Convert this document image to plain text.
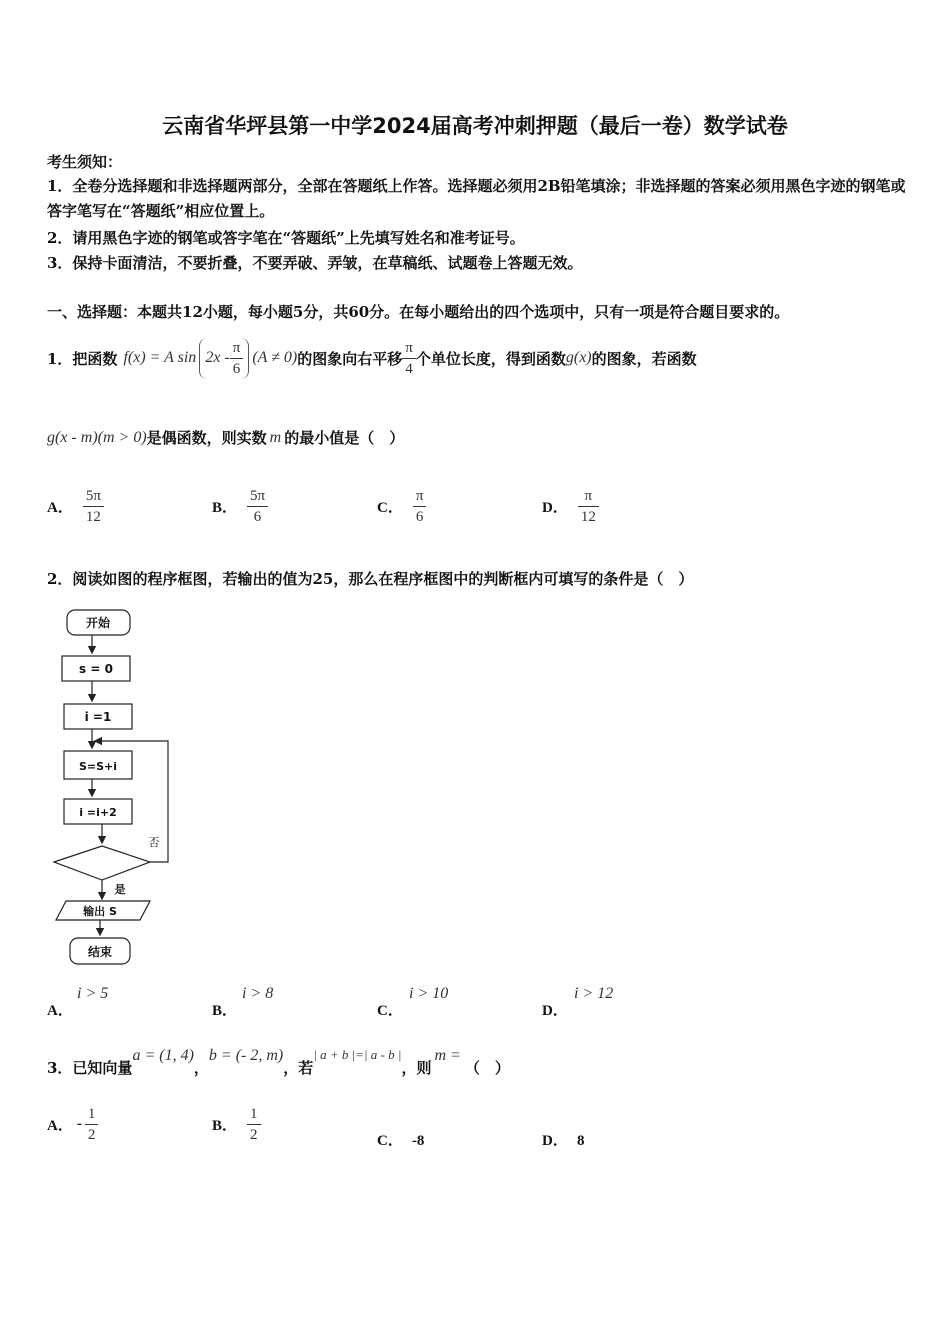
云南省华坪县第一中学2024届高考冲刺押题（最后一卷）数学试卷
考生须知：
1．全卷分选择题和非选择题两部分，全部在答题纸上作答。选择题必须用2B铅笔填涂；非选择题的答案必须用黑色字迹的钢笔或答字笔写在“答题纸”相应位置上。
2．请用黑色字迹的钢笔或答字笔在“答题纸”上先填写姓名和准考证号。
3．保持卡面清洁，不要折叠，不要弄破、弄皱，在草稿纸、试题卷上答题无效。
一、选择题：本题共12小题，每小题5分，共60分。在每小题给出的四个选项中，只有一项是符合题目要求的。
1．把函数 f(x) = A $\sin 2x - \frac{\pi}{6} (A \ne 0)$ 的图象向右平移 $\frac{\pi}{4}$ 个单位长度，得到函数 g(x) 的图象，若函数
g(x - m)(m > 0) 是偶函数，则实数 m 的最小值是（　）
A． $\frac{5\pi}{12}$	B． $\frac{5\pi}{6}$	C． $\frac{\pi}{6}$	D． $\frac{\pi}{12}$
2．阅读如图的程序框图，若输出的值为25，那么在程序框图中的判断框内可填写的条件是（　）
开始
s = 0
i =1
S=S+i
i =i+2
否
是
输出 S
结束
A．
i > 5
B．
i > 8
C．
i > 10
D．
i > 12
3．已知向量
a = (1, 4)
，
b = (- 2, m)
，若
| a + b |=| a - b |
，则
m =
（　）
A． - $\frac{1}{2}$	B． $\frac{1}{2}$	C． -8	D． 8
